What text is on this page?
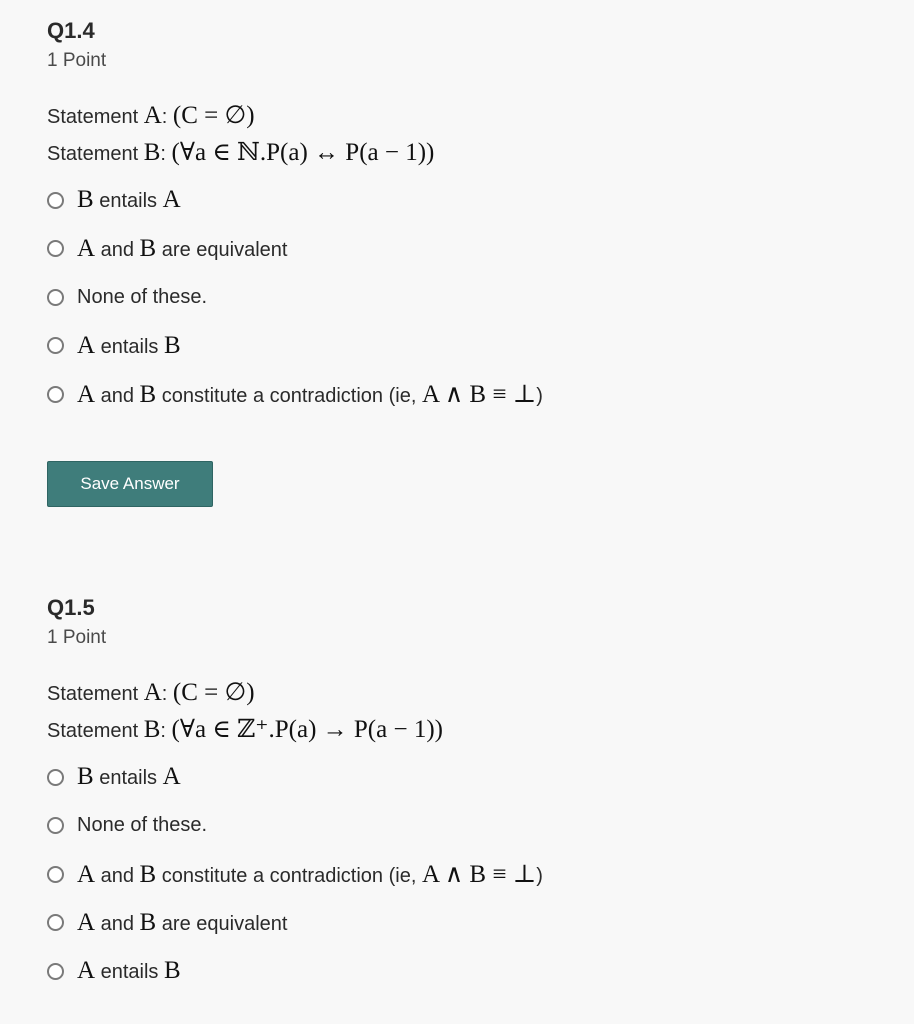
Q1.4
1 Point
Statement A: (C = ∅)
Statement B: (∀a ∈ ℕ.P(a) ↔ P(a − 1))
B entails A
A and B are equivalent
None of these.
A entails B
A and B constitute a contradiction (ie, A ∧ B ≡ ⊥)
Save Answer
Q1.5
1 Point
Statement A: (C = ∅)
Statement B: (∀a ∈ ℤ⁺.P(a) → P(a − 1))
B entails A
None of these.
A and B constitute a contradiction (ie, A ∧ B ≡ ⊥)
A and B are equivalent
A entails B
